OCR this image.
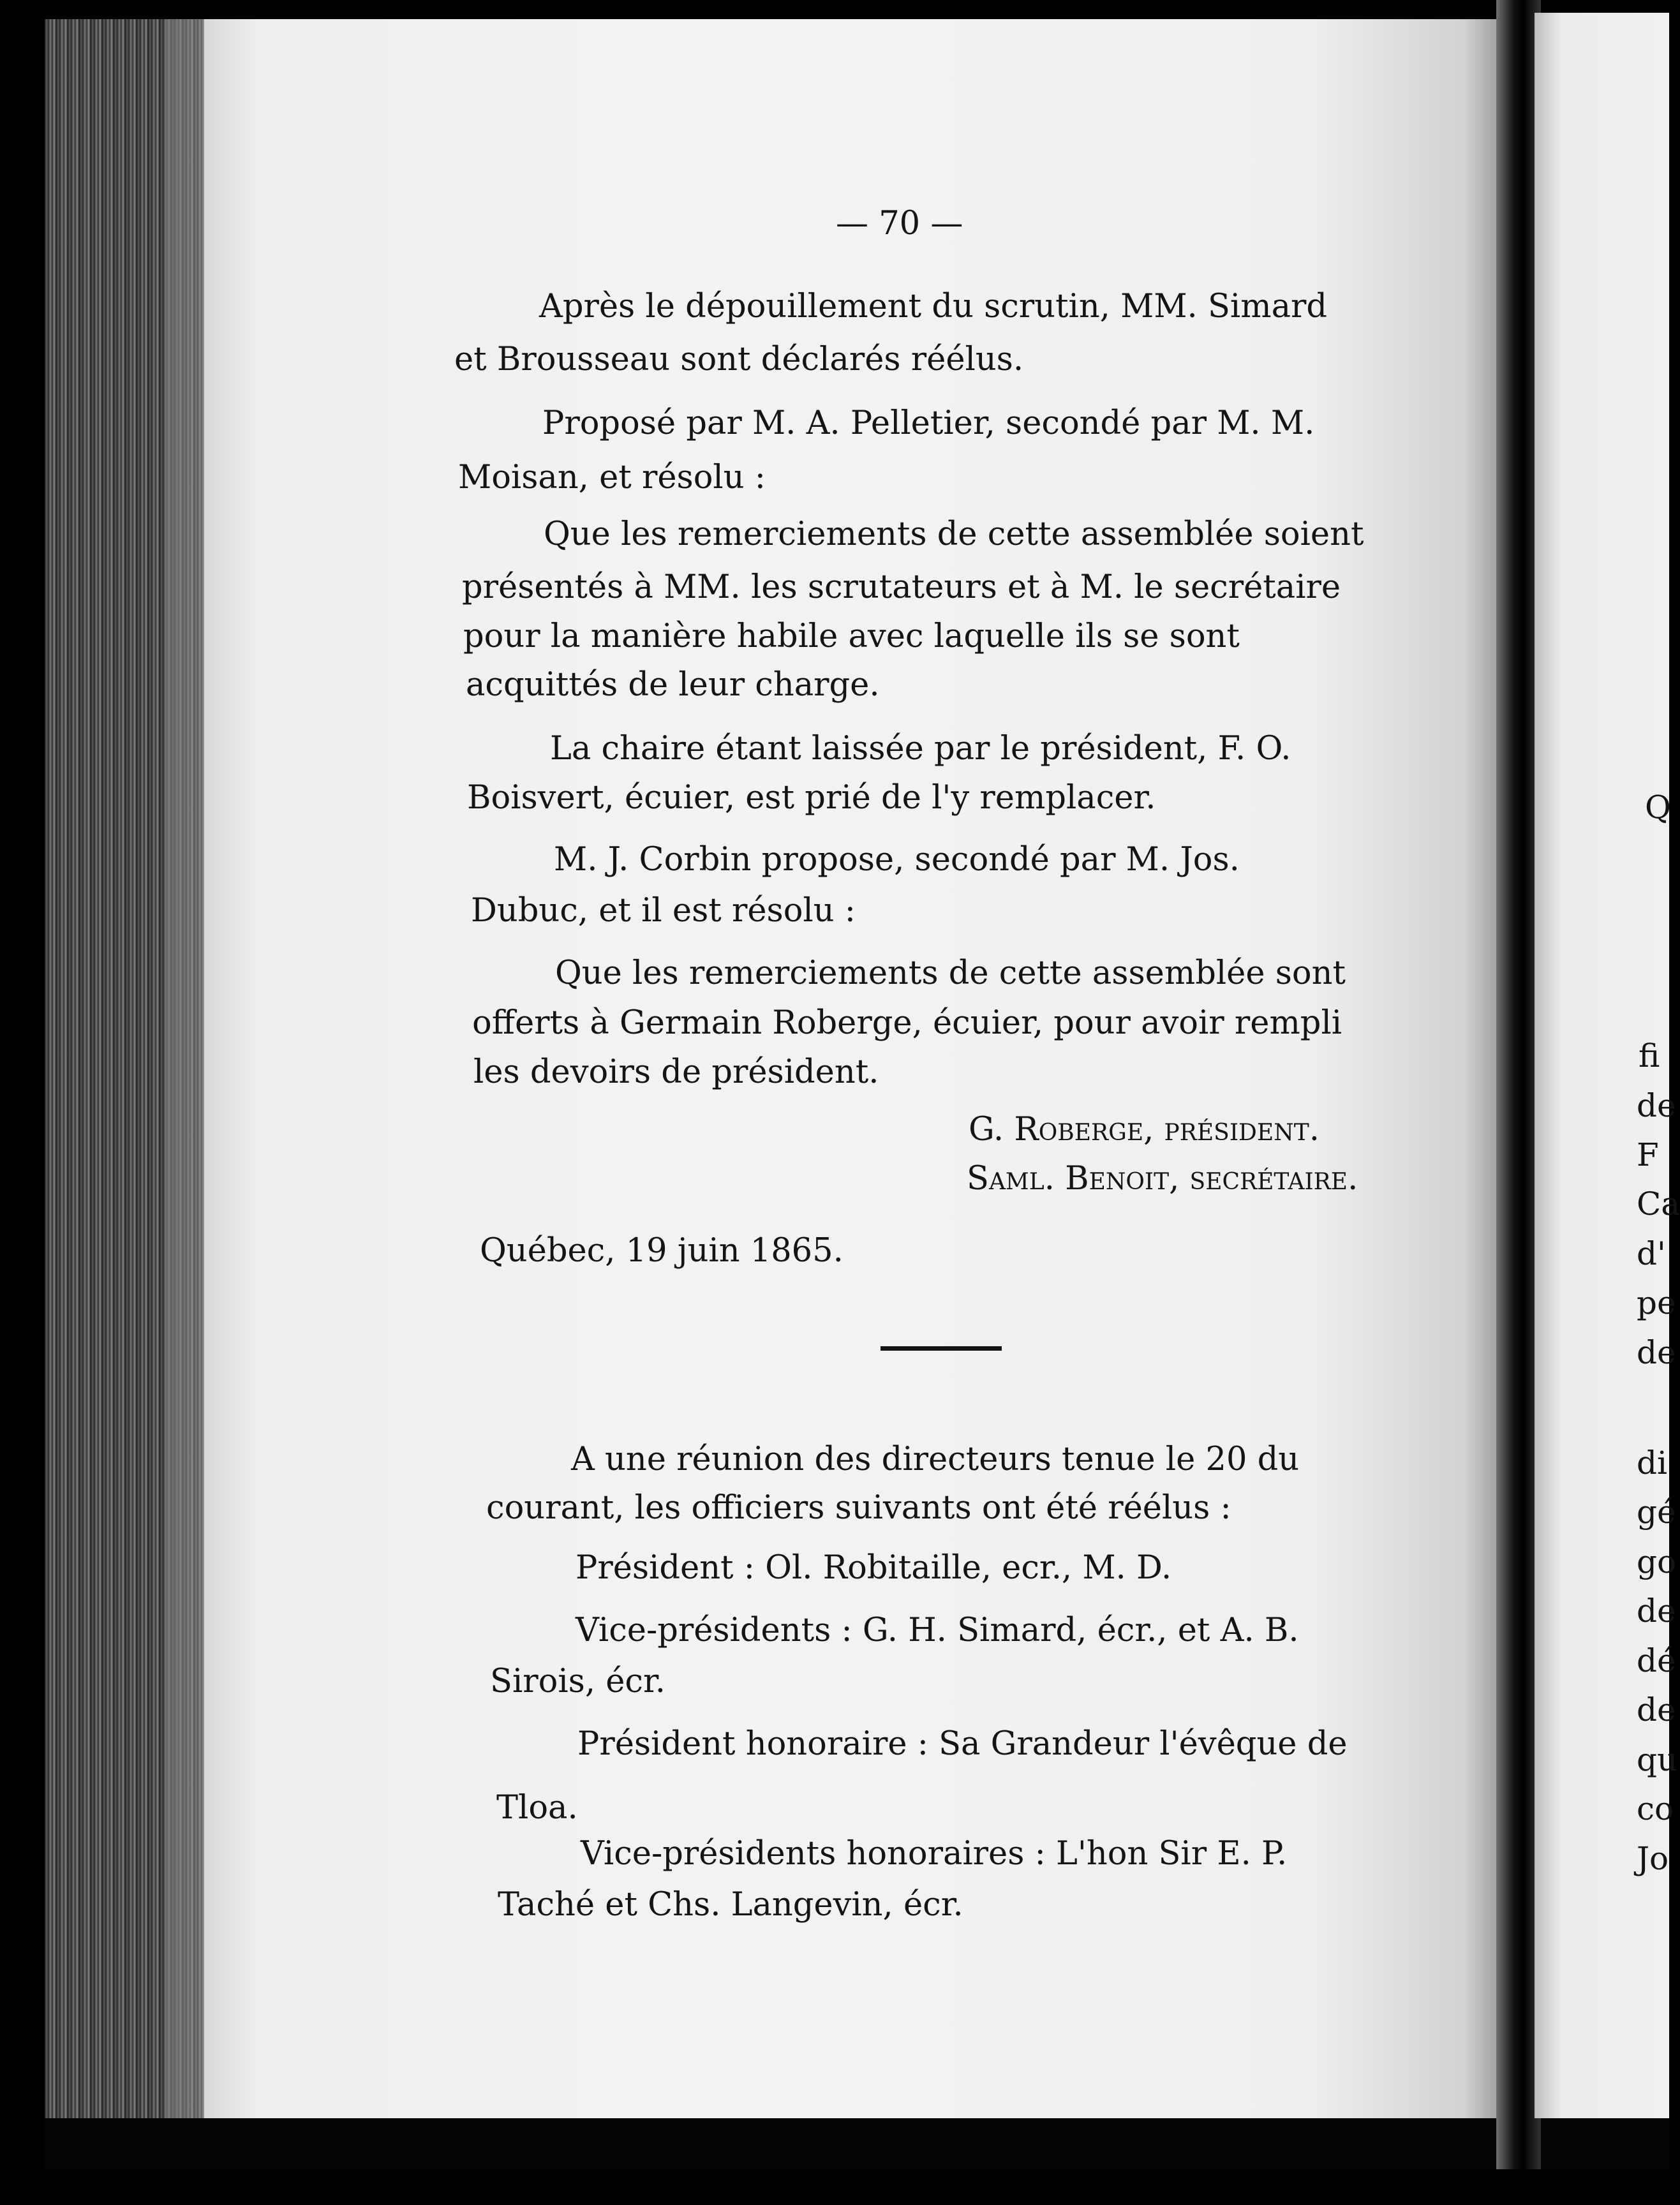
— 70 —
Après le dépouillement du scrutin, MM. Simard
et Brousseau sont déclarés réélus.
Proposé par M. A. Pelletier, secondé par M. M.
Moisan, et résolu :
Que les remerciements de cette assemblée soient
présentés à MM. les scrutateurs et à M. le secrétaire
pour la manière habile avec laquelle ils se sont
acquittés de leur charge.
La chaire étant laissée par le président, F. O.
Boisvert, écuier, est prié de l'y remplacer.
M. J. Corbin propose, secondé par M. Jos.
Dubuc, et il est résolu :
Que les remerciements de cette assemblée sont
offerts à Germain Roberge, écuier, pour avoir rempli
les devoirs de président.
G. Roberge, président.
Saml. Benoit, secrétaire.
Québec, 19 juin 1865.
A une réunion des directeurs tenue le 20 du
courant, les officiers suivants ont été réélus :
Président : Ol. Robitaille, ecr., M. D.
Vice-présidents : G. H. Simard, écr., et A. B.
Sirois, écr.
Président honoraire : Sa Grandeur l'évêque de
Tloa.
Vice-présidents honoraires : L'hon Sir E. P.
Taché et Chs. Langevin, écr.
Q
fi
de
F
Ca
d'
pe
de
di
gé
go
de
dé
de
qu
co
Jo
